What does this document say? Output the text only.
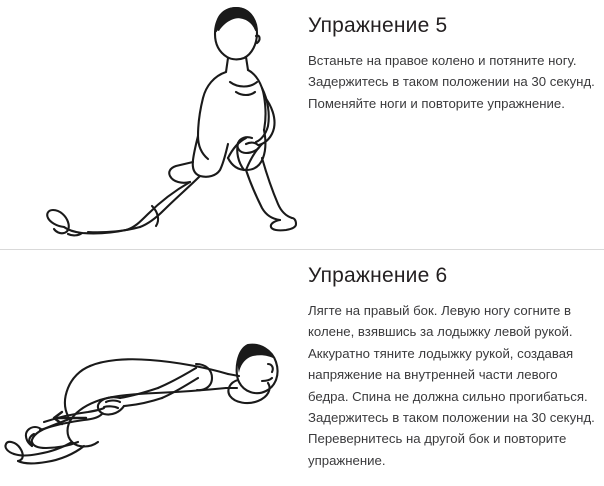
Упражнение 5

Встаньте на правое колено и потяните ногу. Задержитесь в таком положении на 30 секунд. Поменяйте ноги и повторите упражнение.

Упражнение 6

Лягте на правый бок. Левую ногу согните в колене, взявшись за лодыжку левой рукой. Аккуратно тяните лодыжку рукой, создавая напряжение на внутренней части левого бедра. Спина не должна сильно прогибаться. Задержитесь в таком положении на 30 секунд. Перевернитесь на другой бок и повторите упражнение.
